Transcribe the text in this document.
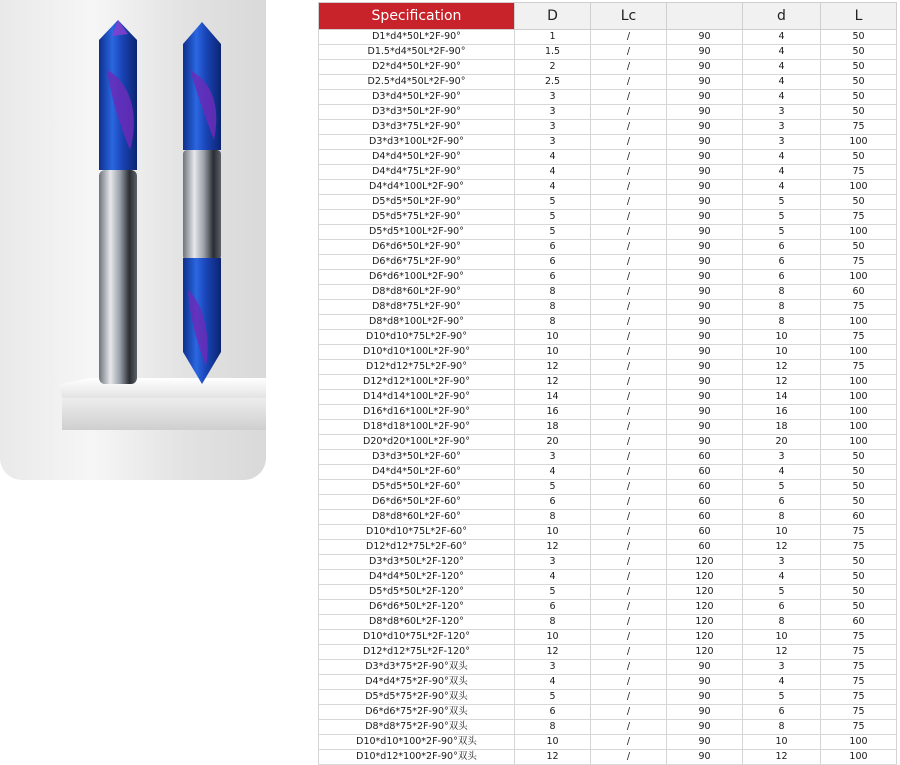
Specification	D	Lc		d	L
D1*d4*50L*2F-90°	1	/	90	4	50
D1.5*d4*50L*2F-90°	1.5	/	90	4	50
D2*d4*50L*2F-90°	2	/	90	4	50
D2.5*d4*50L*2F-90°	2.5	/	90	4	50
D3*d4*50L*2F-90°	3	/	90	4	50
D3*d3*50L*2F-90°	3	/	90	3	50
D3*d3*75L*2F-90°	3	/	90	3	75
D3*d3*100L*2F-90°	3	/	90	3	100
D4*d4*50L*2F-90°	4	/	90	4	50
D4*d4*75L*2F-90°	4	/	90	4	75
D4*d4*100L*2F-90°	4	/	90	4	100
D5*d5*50L*2F-90°	5	/	90	5	50
D5*d5*75L*2F-90°	5	/	90	5	75
D5*d5*100L*2F-90°	5	/	90	5	100
D6*d6*50L*2F-90°	6	/	90	6	50
D6*d6*75L*2F-90°	6	/	90	6	75
D6*d6*100L*2F-90°	6	/	90	6	100
D8*d8*60L*2F-90°	8	/	90	8	60
D8*d8*75L*2F-90°	8	/	90	8	75
D8*d8*100L*2F-90°	8	/	90	8	100
D10*d10*75L*2F-90°	10	/	90	10	75
D10*d10*100L*2F-90°	10	/	90	10	100
D12*d12*75L*2F-90°	12	/	90	12	75
D12*d12*100L*2F-90°	12	/	90	12	100
D14*d14*100L*2F-90°	14	/	90	14	100
D16*d16*100L*2F-90°	16	/	90	16	100
D18*d18*100L*2F-90°	18	/	90	18	100
D20*d20*100L*2F-90°	20	/	90	20	100
D3*d3*50L*2F-60°	3	/	60	3	50
D4*d4*50L*2F-60°	4	/	60	4	50
D5*d5*50L*2F-60°	5	/	60	5	50
D6*d6*50L*2F-60°	6	/	60	6	50
D8*d8*60L*2F-60°	8	/	60	8	60
D10*d10*75L*2F-60°	10	/	60	10	75
D12*d12*75L*2F-60°	12	/	60	12	75
D3*d3*50L*2F-120°	3	/	120	3	50
D4*d4*50L*2F-120°	4	/	120	4	50
D5*d5*50L*2F-120°	5	/	120	5	50
D6*d6*50L*2F-120°	6	/	120	6	50
D8*d8*60L*2F-120°	8	/	120	8	60
D10*d10*75L*2F-120°	10	/	120	10	75
D12*d12*75L*2F-120°	12	/	120	12	75
D3*d3*75*2F-90°双头	3	/	90	3	75
D4*d4*75*2F-90°双头	4	/	90	4	75
D5*d5*75*2F-90°双头	5	/	90	5	75
D6*d6*75*2F-90°双头	6	/	90	6	75
D8*d8*75*2F-90°双头	8	/	90	8	75
D10*d10*100*2F-90°双头	10	/	90	10	100
D10*d12*100*2F-90°双头	12	/	90	12	100
